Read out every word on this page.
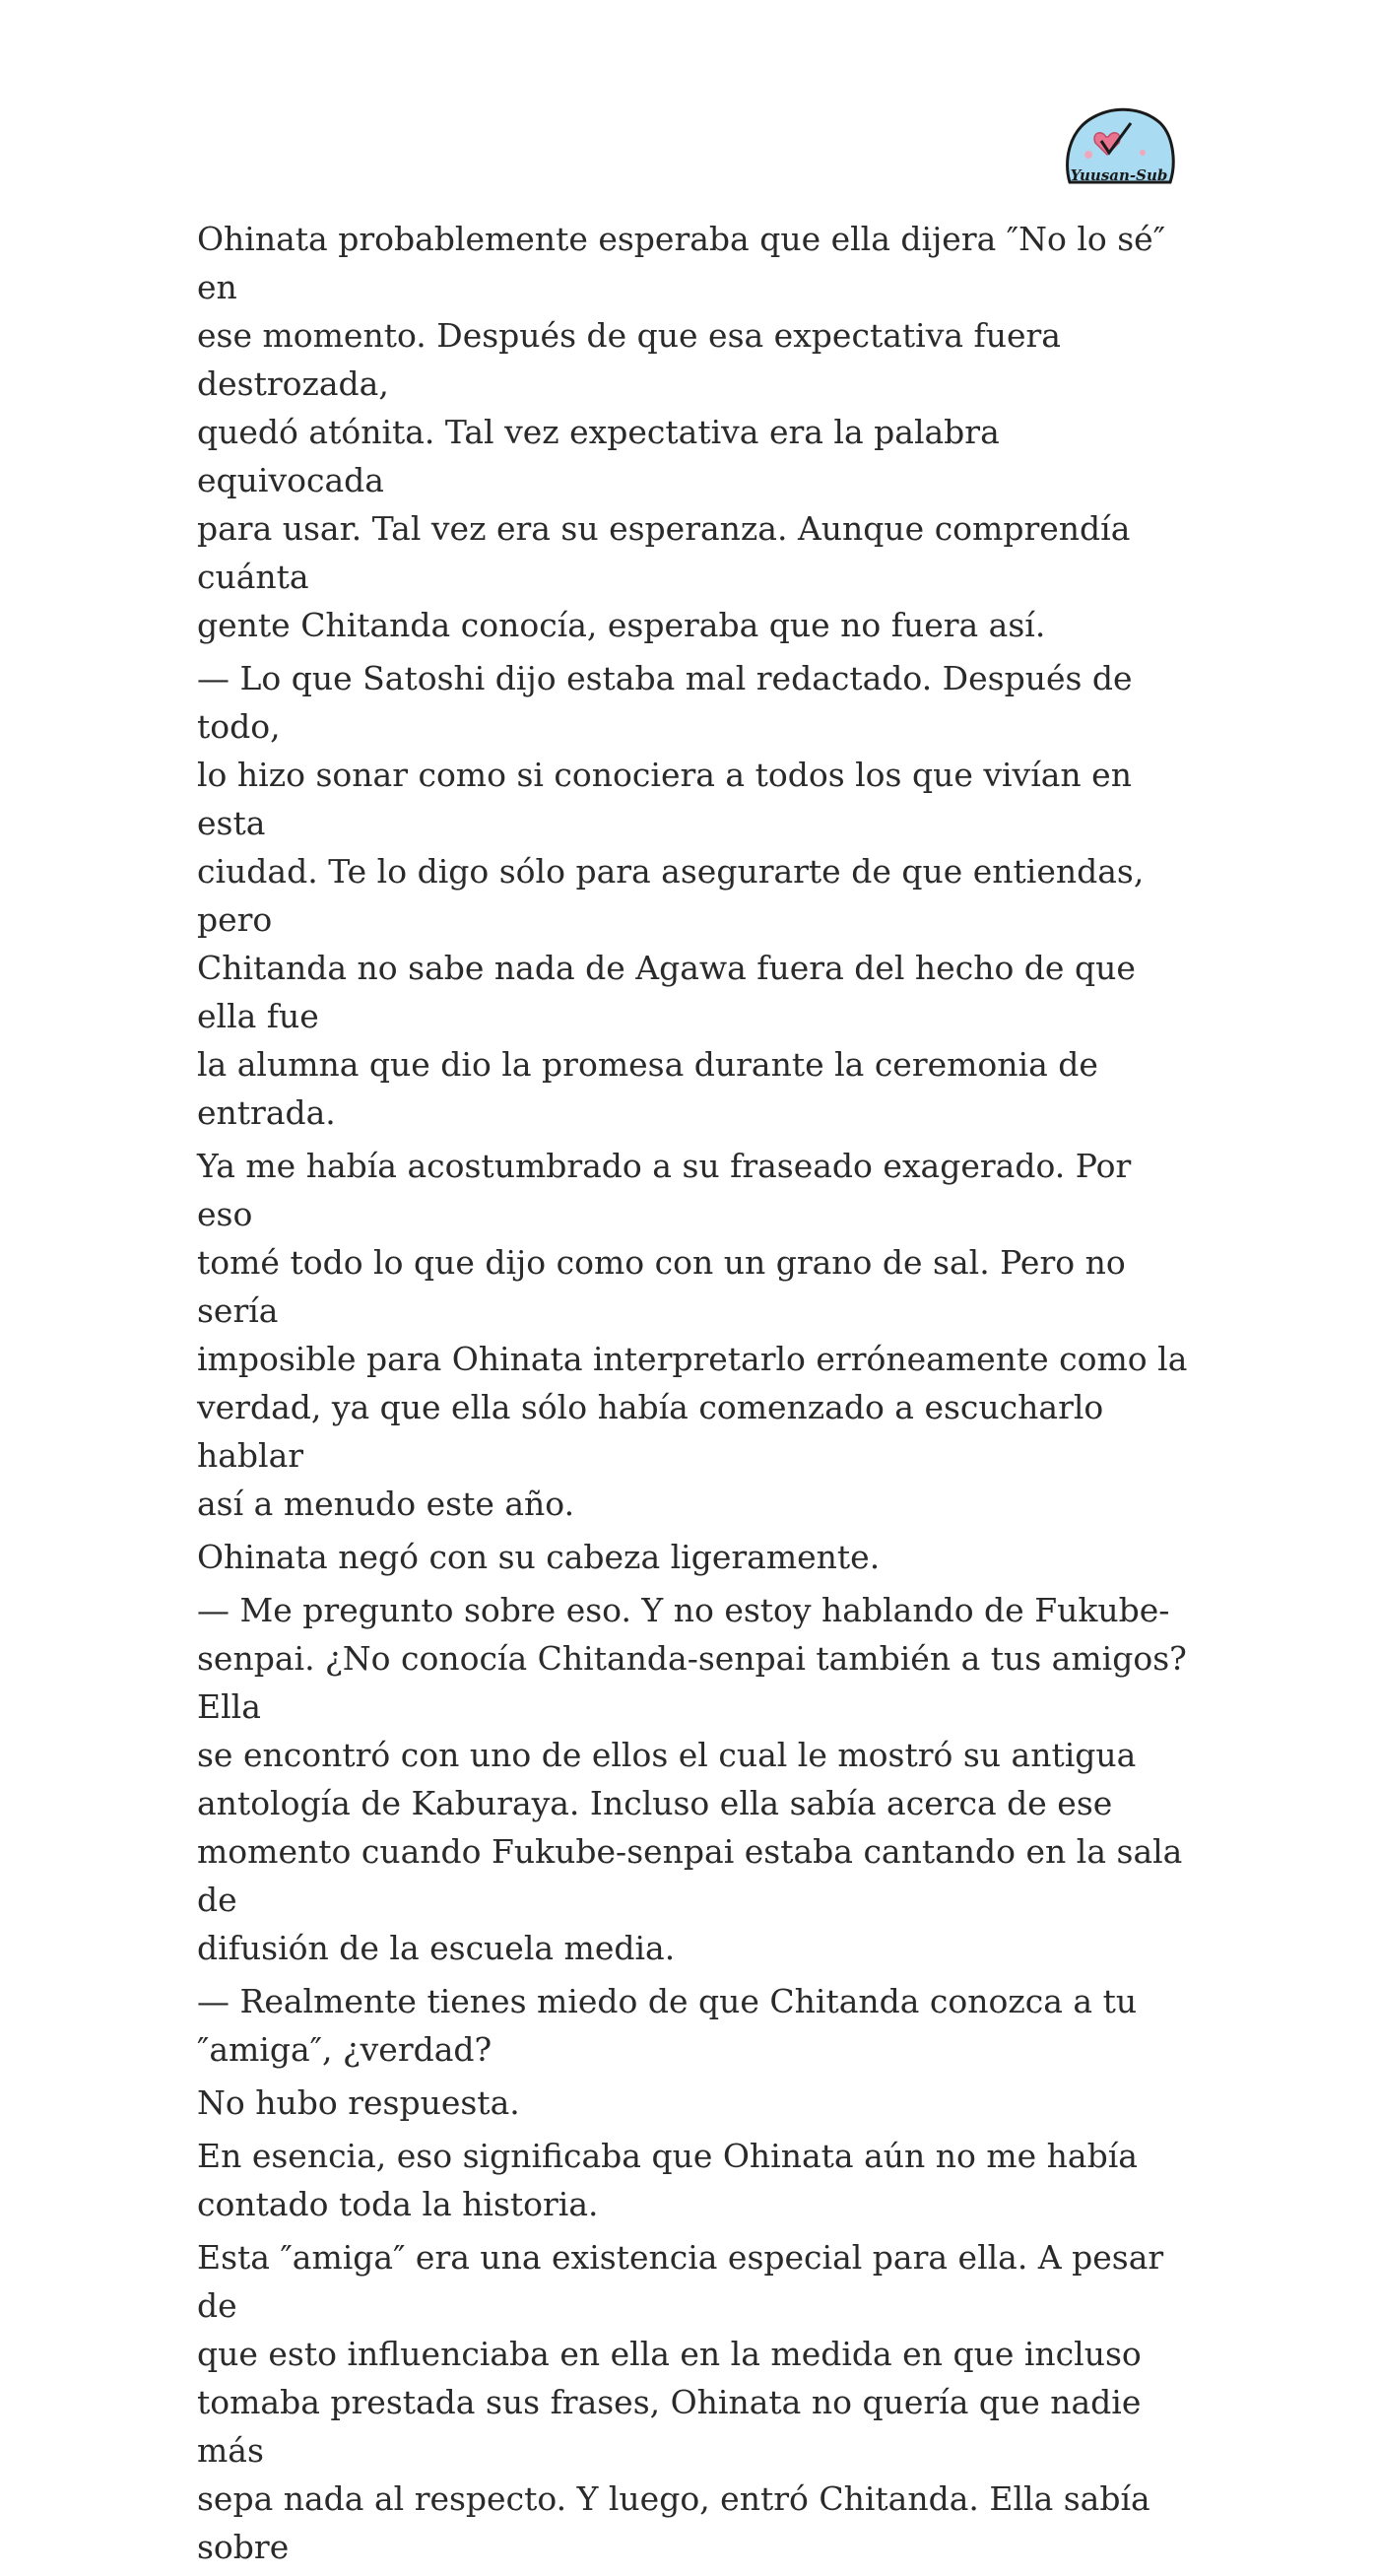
Yuusan-Sub

Ohinata probablemente esperaba que ella dijera ″No lo sé″ en
ese momento. Después de que esa expectativa fuera destrozada,
quedó atónita. Tal vez expectativa era la palabra equivocada
para usar. Tal vez era su esperanza. Aunque comprendía cuánta
gente Chitanda conocía, esperaba que no fuera así.

— Lo que Satoshi dijo estaba mal redactado. Después de todo,
lo hizo sonar como si conociera a todos los que vivían en esta
ciudad. Te lo digo sólo para asegurarte de que entiendas, pero
Chitanda no sabe nada de Agawa fuera del hecho de que ella fue
la alumna que dio la promesa durante la ceremonia de entrada.

Ya me había acostumbrado a su fraseado exagerado. Por eso
tomé todo lo que dijo como con un grano de sal. Pero no sería
imposible para Ohinata interpretarlo erróneamente como la
verdad, ya que ella sólo había comenzado a escucharlo hablar
así a menudo este año.

Ohinata negó con su cabeza ligeramente.

— Me pregunto sobre eso. Y no estoy hablando de Fukube-
senpai. ¿No conocía Chitanda-senpai también a tus amigos? Ella
se encontró con uno de ellos el cual le mostró su antigua
antología de Kaburaya. Incluso ella sabía acerca de ese
momento cuando Fukube-senpai estaba cantando en la sala de
difusión de la escuela media.

— Realmente tienes miedo de que Chitanda conozca a tu
″amiga″, ¿verdad?

No hubo respuesta.

En esencia, eso significaba que Ohinata aún no me había
contado toda la historia.

Esta ″amiga″ era una existencia especial para ella. A pesar de
que esto influenciaba en ella en la medida en que incluso
tomaba prestada sus frases, Ohinata no quería que nadie más
sepa nada al respecto. Y luego, entró Chitanda. Ella sabía sobre
